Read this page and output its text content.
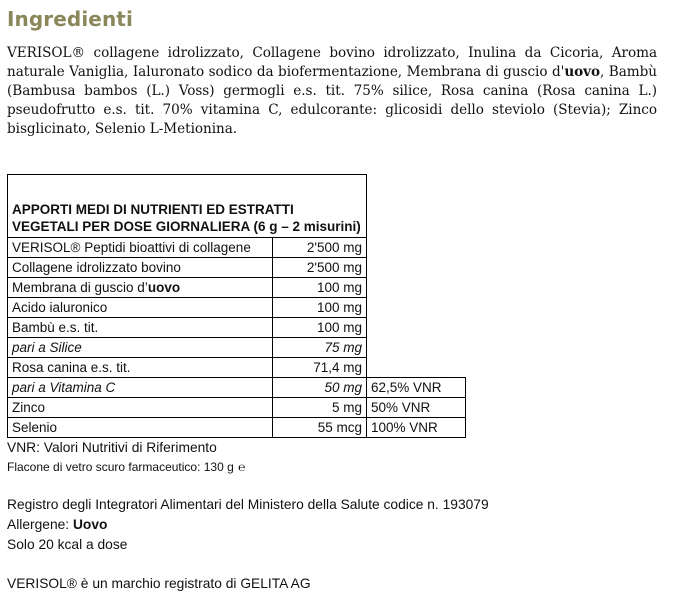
Ingredienti

VERISOL® collagene idrolizzato, Collagene bovino idrolizzato, Inulina da Cicoria, Aroma naturale Vaniglia, Ialuronato sodico da biofermentazione, Membrana di guscio d'uovo, Bambù (Bambusa bambos (L.) Voss) germogli e.s. tit. 75% silice, Rosa canina (Rosa canina L.) pseudofrutto e.s. tit. 70% vitamina C, edulcorante: glicosidi dello steviolo (Stevia); Zinco bisglicinato, Selenio L-Metionina.

APPORTI MEDI DI NUTRIENTI ED ESTRATTI VEGETALI PER DOSE GIORNALIERA (6 g – 2 misurini)		
VERISOL® Peptidi bioattivi di collagene	2'500 mg	
Collagene idrolizzato bovino	2'500 mg	
Membrana di guscio d’uovo	100 mg	
Acido ialuronico	100 mg	
Bambù e.s. tit.	100 mg	
pari a Silice	75 mg	
Rosa canina e.s. tit.	71,4 mg	
pari a Vitamina C	50 mg	62,5% VNR
Zinco	5 mg	50% VNR
Selenio	55 mcg	100% VNR

VNR: Valori Nutritivi di Riferimento

Flacone di vetro scuro farmaceutico: 130 g ℮

Registro degli Integratori Alimentari del Ministero della Salute codice n. 193079

Allergene: Uovo

Solo 20 kcal a dose

VERISOL® è un marchio registrato di GELITA AG
